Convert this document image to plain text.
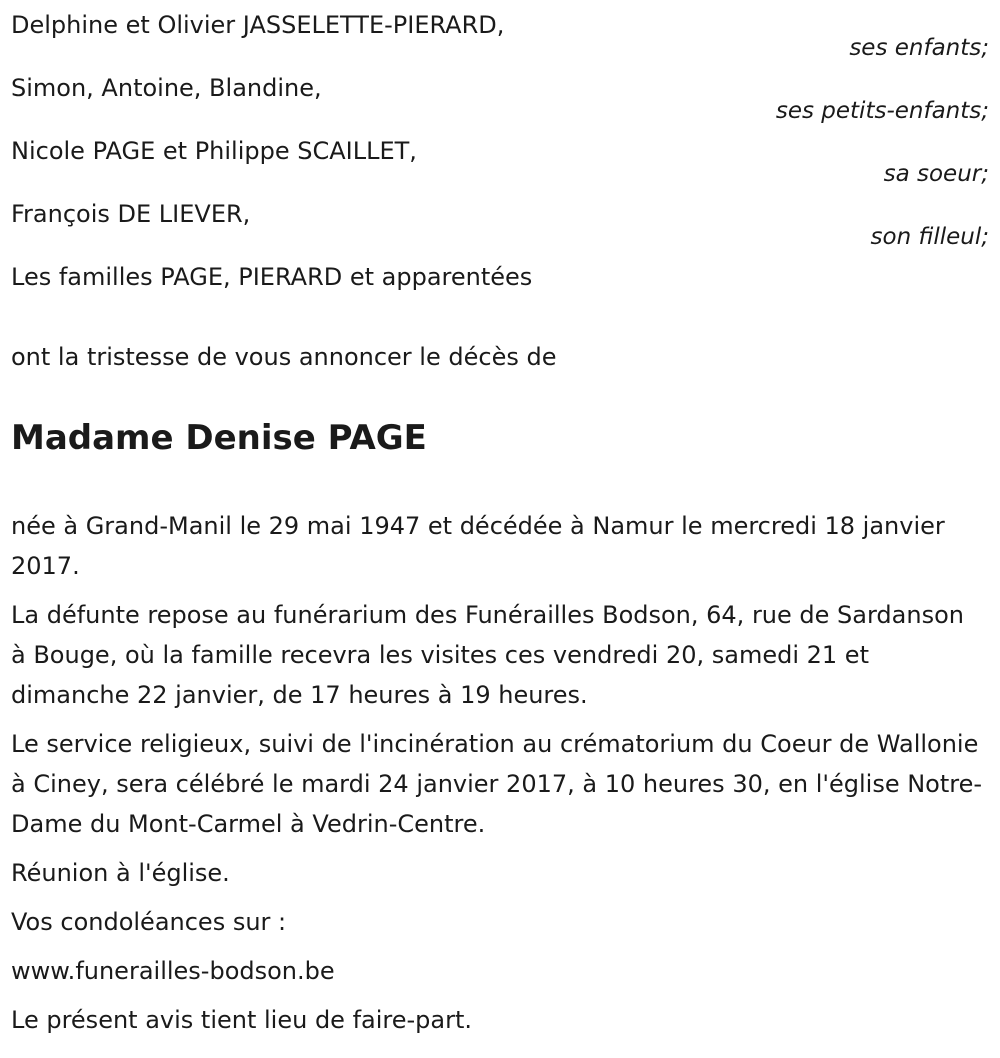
Delphine et Olivier JASSELETTE-PIERARD,
ses enfants;
Simon, Antoine, Blandine,
ses petits-enfants;
Nicole PAGE et Philippe SCAILLET,
sa soeur;
François DE LIEVER,
son filleul;
Les familles PAGE, PIERARD et apparentées
ont la tristesse de vous annoncer le décès de
Madame Denise PAGE

née à Grand-Manil le 29 mai 1947 et décédée à Namur le mercredi 18 janvier 2017.

La défunte repose au funérarium des Funérailles Bodson, 64, rue de Sardanson à Bouge, où la famille recevra les visites ces vendredi 20, samedi 21 et dimanche 22 janvier, de 17 heures à 19 heures.

Le service religieux, suivi de l'incinération au crématorium du Coeur de Wallonie à Ciney, sera célébré le mardi 24 janvier 2017, à 10 heures 30, en l'église Notre-Dame du Mont-Carmel à Vedrin-Centre.

Réunion à l'église.

Vos condoléances sur :

www.funerailles-bodson.be

Le présent avis tient lieu de faire-part.
